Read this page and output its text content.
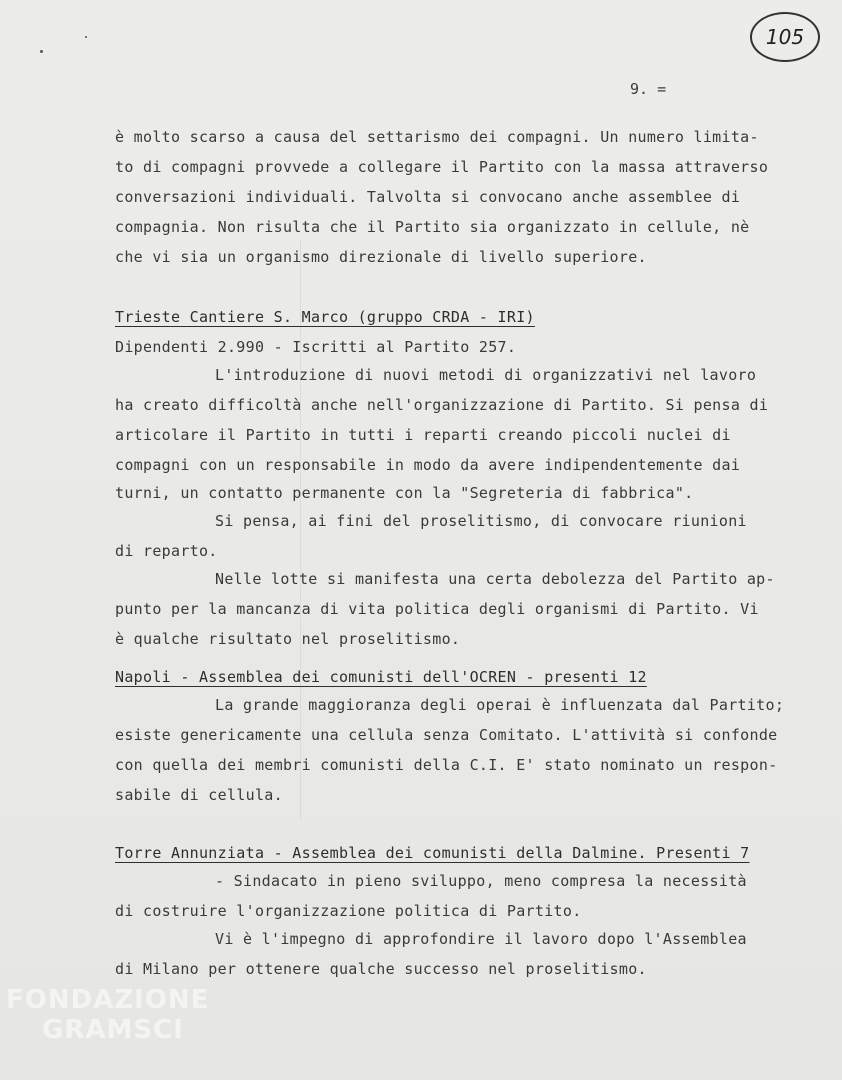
105
9. =
è molto scarso a causa del settarismo dei compagni. Un numero limita-
to di compagni provvede a collegare il Partito con la massa attraverso
conversazioni individuali. Talvolta si convocano anche assemblee di
compagnia. Non risulta che il Partito sia organizzato in cellule, nè
che vi sia un organismo direzionale di livello superiore.
Trieste Cantiere S. Marco (gruppo CRDA - IRI)
Dipendenti 2.990 - Iscritti al Partito 257.
L'introduzione di nuovi metodi di organizzativi nel lavoro
ha creato difficoltà anche nell'organizzazione di Partito. Si pensa di
articolare il Partito in tutti i reparti creando piccoli nuclei di
compagni con un responsabile in modo da avere indipendentemente dai
turni, un contatto permanente con la "Segreteria di fabbrica".
Si pensa, ai fini del proselitismo, di convocare riunioni
di reparto.
Nelle lotte si manifesta una certa debolezza del Partito ap-
punto per la mancanza di vita politica degli organismi di Partito. Vi
è qualche risultato nel proselitismo.
Napoli - Assemblea dei comunisti dell'OCREN - presenti 12
La grande maggioranza degli operai è influenzata dal Partito;
esiste genericamente una cellula senza Comitato. L'attività si confonde
con quella dei membri comunisti della C.I. E' stato nominato un respon-
sabile di cellula.
Torre Annunziata - Assemblea dei comunisti della Dalmine. Presenti 7
- Sindacato in pieno sviluppo, meno compresa la necessità
di costruire l'organizzazione politica di Partito.
Vi è l'impegno di approfondire il lavoro dopo l'Assemblea
di Milano per ottenere qualche successo nel proselitismo.
FONDAZIONE
GRAMSCI
